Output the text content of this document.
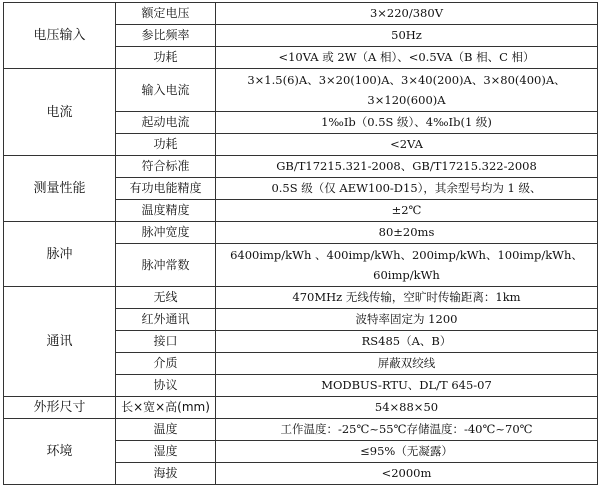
电压输入	额定电压	3×220/380V
	参比频率	50Hz
	功耗	<10VA 或 2W（A 相）、<0.5VA（B 相、C 相）
电流	输入电流	3×1.5(6)A、3×20(100)A、3×40(200)A、3×80(400)A、3×120(600)A
	起动电流	1‰Ib（0.5S 级）、4‰Ib(1 级)
	功耗	<2VA
测量性能	符合标准	GB/T17215.321-2008、GB/T17215.322-2008
	有功电能精度	0.5S 级（仅 AEW100-D15），其余型号均为 1 级、
	温度精度	±2℃
脉冲	脉冲宽度	80±20ms
	脉冲常数	6400imp/kWh 、400imp/kWh、200imp/kWh、100imp/kWh、60imp/kWh
通讯	无线	470MHz 无线传输，空旷时传输距离：1km
	红外通讯	波特率固定为 1200
	接口	RS485（A、B）
	介质	屏蔽双绞线
	协议	MODBUS-RTU、DL/T 645-07
外形尺寸	长×宽×高(mm)	54×88×50
环境	温度	工作温度：-25℃~55℃存储温度：-40℃~70℃
	湿度	≤95%（无凝露）
	海拔	<2000m
